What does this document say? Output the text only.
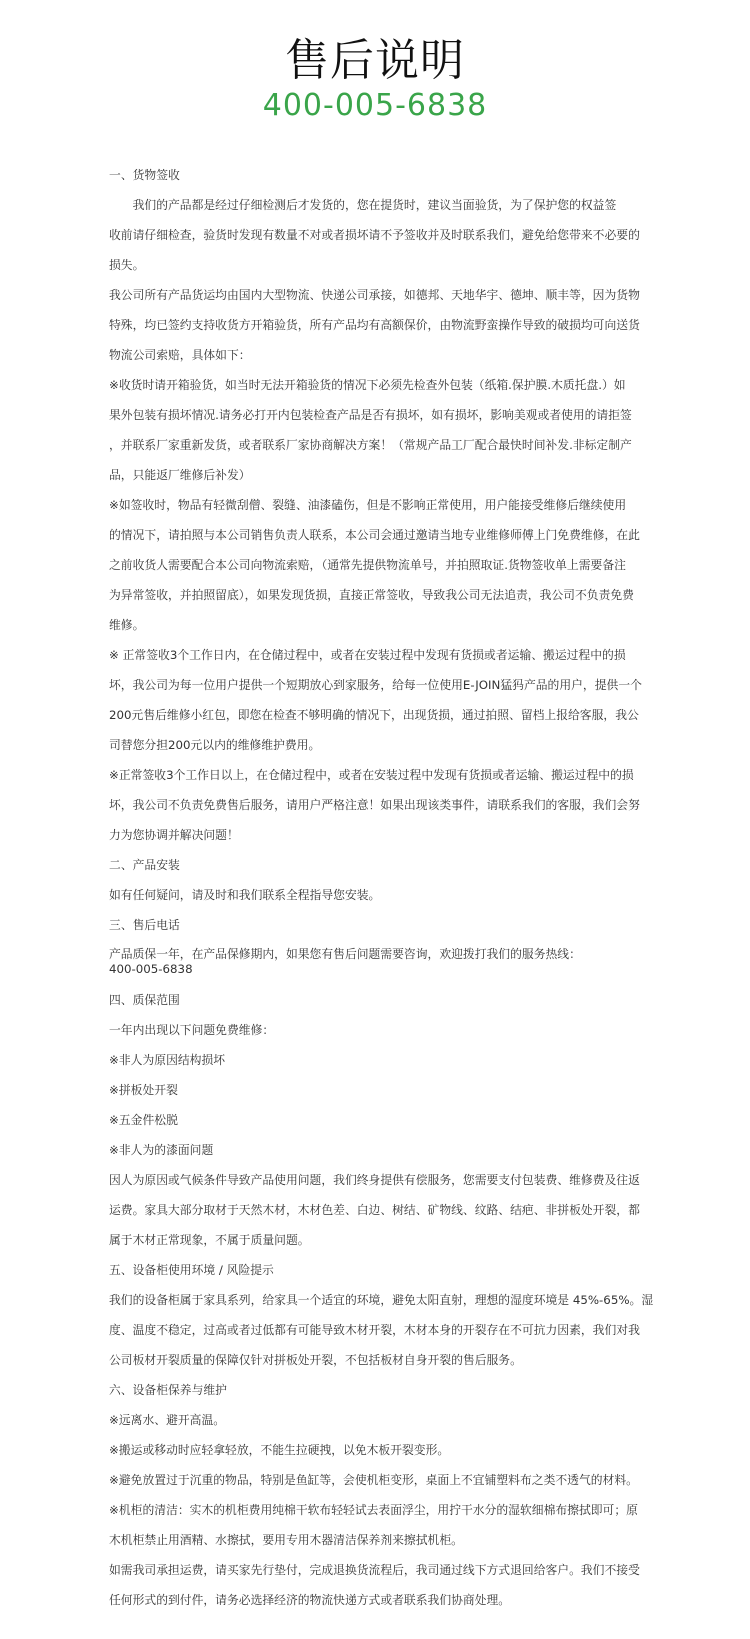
售后说明
400-005-6838
一、货物签收
　　我们的产品都是经过仔细检测后才发货的，您在提货时，建议当面验货，为了保护您的权益签
收前请仔细检查，验货时发现有数量不对或者损坏请不予签收并及时联系我们，避免给您带来不必要的
损失。
我公司所有产品货运均由国内大型物流、快递公司承接，如德邦、天地华宇、德坤、顺丰等，因为货物
特殊，均已签约支持收货方开箱验货，所有产品均有高额保价，由物流野蛮操作导致的破损均可向送货
物流公司索赔，具体如下：
※收货时请开箱验货，如当时无法开箱验货的情况下必须先检查外包装（纸箱.保护膜.木质托盘.）如
果外包装有损坏情况.请务必打开内包装检查产品是否有损坏，如有损坏，影响美观或者使用的请拒签
，并联系厂家重新发货，或者联系厂家协商解决方案！（常规产品工厂配合最快时间补发.非标定制产
品，只能返厂维修后补发）
※如签收时，物品有轻微刮僧、裂缝、油漆磕伤，但是不影响正常使用，用户能接受维修后继续使用
的情况下，请拍照与本公司销售负责人联系，本公司会通过邀请当地专业维修师傅上门免费维修，在此
之前收货人需要配合本公司向物流索赔，（通常先提供物流单号，并拍照取证.货物签收单上需要备注
为异常签收，并拍照留底），如果发现货损，直接正常签收，导致我公司无法追责，我公司不负责免费
维修。
※ 正常签收3个工作日内，在仓储过程中，或者在安装过程中发现有货损或者运输、搬运过程中的损
坏，我公司为每一位用户提供一个短期放心到家服务，给每一位使用E-JOIN猛犸产品的用户，提供一个
200元售后维修小红包，即您在检查不够明确的情况下，出现货损，通过拍照、留档上报给客服，我公
司替您分担200元以内的维修维护费用。
※正常签收3个工作日以上，在仓储过程中，或者在安装过程中发现有货损或者运输、搬运过程中的损
坏，我公司不负责免费售后服务，请用户严格注意！如果出现该类事件，请联系我们的客服，我们会努
力为您协调并解决问题！
二、产品安装
如有任何疑问，请及时和我们联系全程指导您安装。
三、售后电话
产品质保一年，在产品保修期内，如果您有售后问题需要咨询，欢迎拨打我们的服务热线：
400-005-6838
四、质保范围
一年内出现以下问题免费维修：
※非人为原因结构损坏
※拼板处开裂
※五金件松脱
※非人为的漆面问题
因人为原因或气候条件导致产品使用问题，我们终身提供有偿服务，您需要支付包装费、维修费及往返
运费。家具大部分取材于天然木材，木材色差、白边、树结、矿物线、纹路、结疤、非拼板处开裂，都
属于木材正常现象，不属于质量问题。
五、设备柜使用环境 / 风险提示
我们的设备柜属于家具系列，给家具一个适宜的环境，避免太阳直射，理想的湿度环境是 45%-65%。湿
度、温度不稳定，过高或者过低都有可能导致木材开裂，木材本身的开裂存在不可抗力因素，我们对我
公司板材开裂质量的保障仅针对拼板处开裂，不包括板材自身开裂的售后服务。
六、设备柜保养与维护
※远离水、避开高温。
※搬运或移动时应轻拿轻放，不能生拉硬拽，以免木板开裂变形。
※避免放置过于沉重的物品，特别是鱼缸等，会使机柜变形，桌面上不宜铺塑料布之类不透气的材料。
※机柜的清洁：实木的机柜费用纯棉干软布轻轻试去表面浮尘，用拧干水分的湿软细棉布擦拭即可；原
木机柜禁止用酒精、水擦拭，要用专用木器清洁保养剂来擦拭机柜。
如需我司承担运费，请买家先行垫付，完成退换货流程后，我司通过线下方式退回给客户。我们不接受
任何形式的到付件，请务必选择经济的物流快递方式或者联系我们协商处理。
